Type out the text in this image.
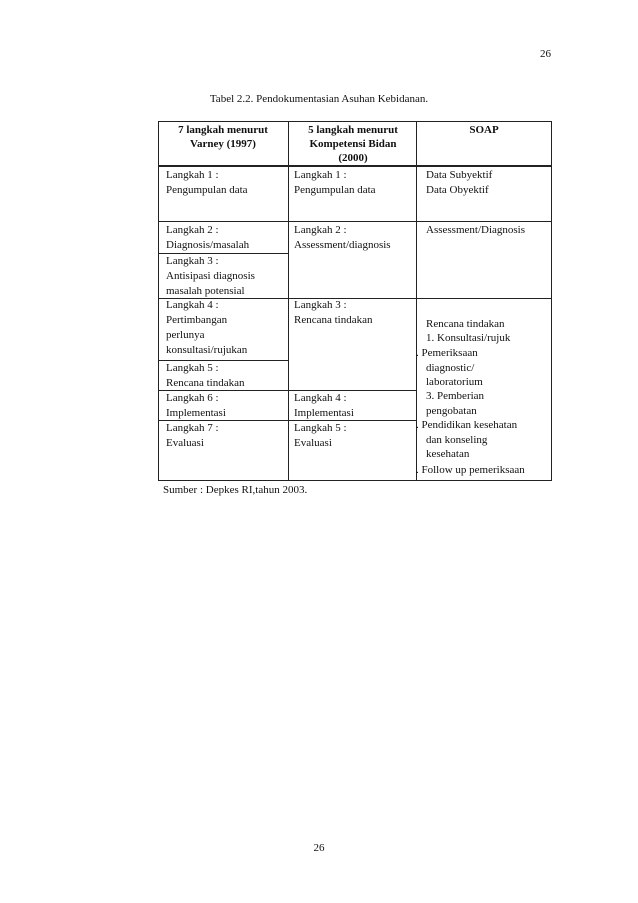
26
Tabel 2.2. Pendokumentasian Asuhan Kebidanan.
7 langkah menurut Varney (1997)
5 langkah menurut Kompetensi Bidan (2000)
SOAP
Langkah 1 :
Pengumpulan data
Langkah 2 :
Diagnosis/masalah
Langkah 3 :
Antisipasi diagnosis
masalah potensial
Langkah 4 :
Pertimbangan
perlunya
konsultasi/rujukan
Langkah 5 :
Rencana tindakan
Langkah 6 :
Implementasi
Langkah 7 :
Evaluasi
Langkah 1 :
Pengumpulan data
Langkah 2 :
Assessment/diagnosis
Langkah 3 :
Rencana tindakan
Langkah 4 :
Implementasi
Langkah 5 :
Evaluasi
Data Subyektif
Data Obyektif
Assessment/Diagnosis
Rencana tindakan
1. Konsultasi/rujuk
. Pemeriksaan
diagnostic/
laboratorium
3. Pemberian
pengobatan
. Pendidikan kesehatan
dan konseling
kesehatan
. Follow up pemeriksaan
Sumber : Depkes RI,tahun 2003.
26
